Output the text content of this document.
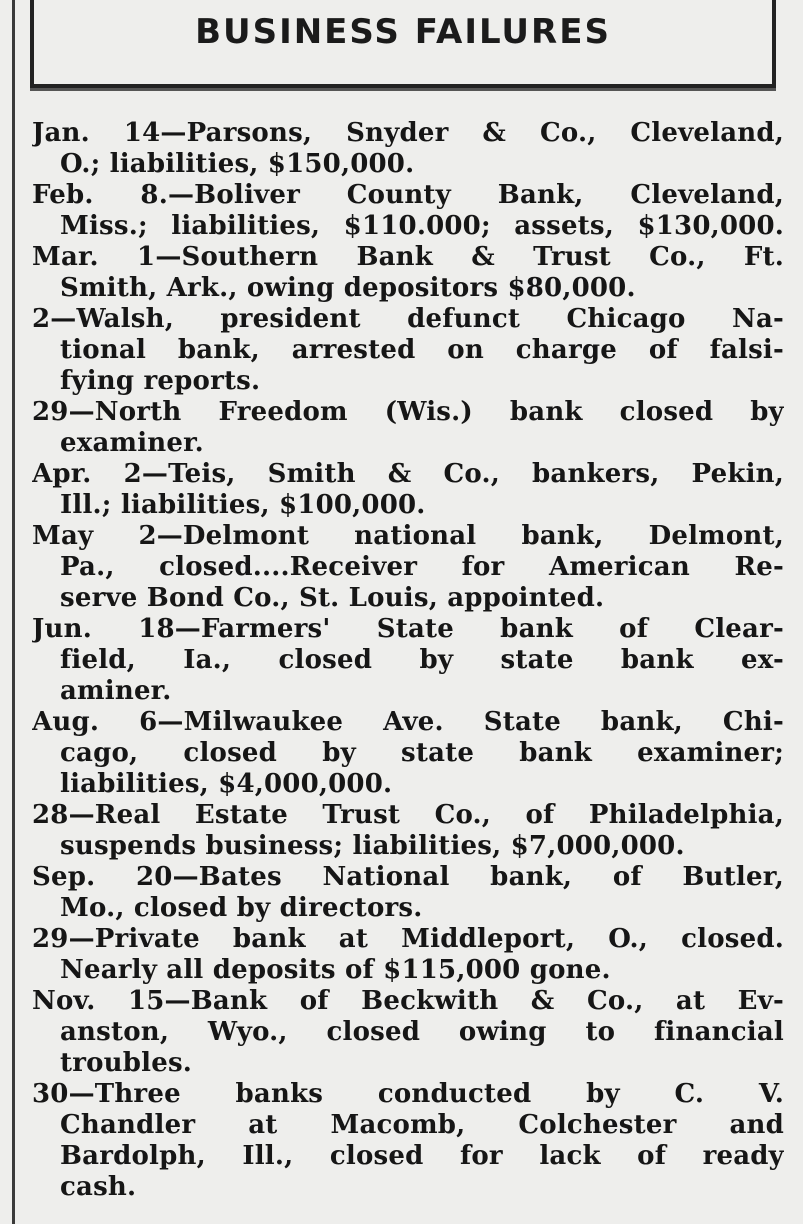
BUSINESS FAILURES

Jan. 14—Parsons, Snyder & Co., Cleveland,
O.; liabilities, $150,000.

Feb. 8.—Boliver County Bank, Cleveland,
Miss.; liabilities, $110.000; assets, $130,000.

Mar. 1—Southern Bank & Trust Co., Ft.
Smith, Ark., owing depositors $80,000.

2—Walsh, president defunct Chicago Na-
tional bank, arrested on charge of falsi-
fying reports.

29—North Freedom (Wis.) bank closed by
examiner.

Apr. 2—Teis, Smith & Co., bankers, Pekin,
Ill.; liabilities, $100,000.

May 2—Delmont national bank, Delmont,
Pa., closed....Receiver for American Re-
serve Bond Co., St. Louis, appointed.

Jun. 18—Farmers' State bank of Clear-
field, Ia., closed by state bank ex-
aminer.

Aug. 6—Milwaukee Ave. State bank, Chi-
cago, closed by state bank examiner;
liabilities, $4,000,000.

28—Real Estate Trust Co., of Philadelphia,
suspends business; liabilities, $7,000,000.

Sep. 20—Bates National bank, of Butler,
Mo., closed by directors.

29—Private bank at Middleport, O., closed.
Nearly all deposits of $115,000 gone.

Nov. 15—Bank of Beckwith & Co., at Ev-
anston, Wyo., closed owing to financial
troubles.

30—Three banks conducted by C. V.
Chandler at Macomb, Colchester and
Bardolph, Ill., closed for lack of ready
cash.
